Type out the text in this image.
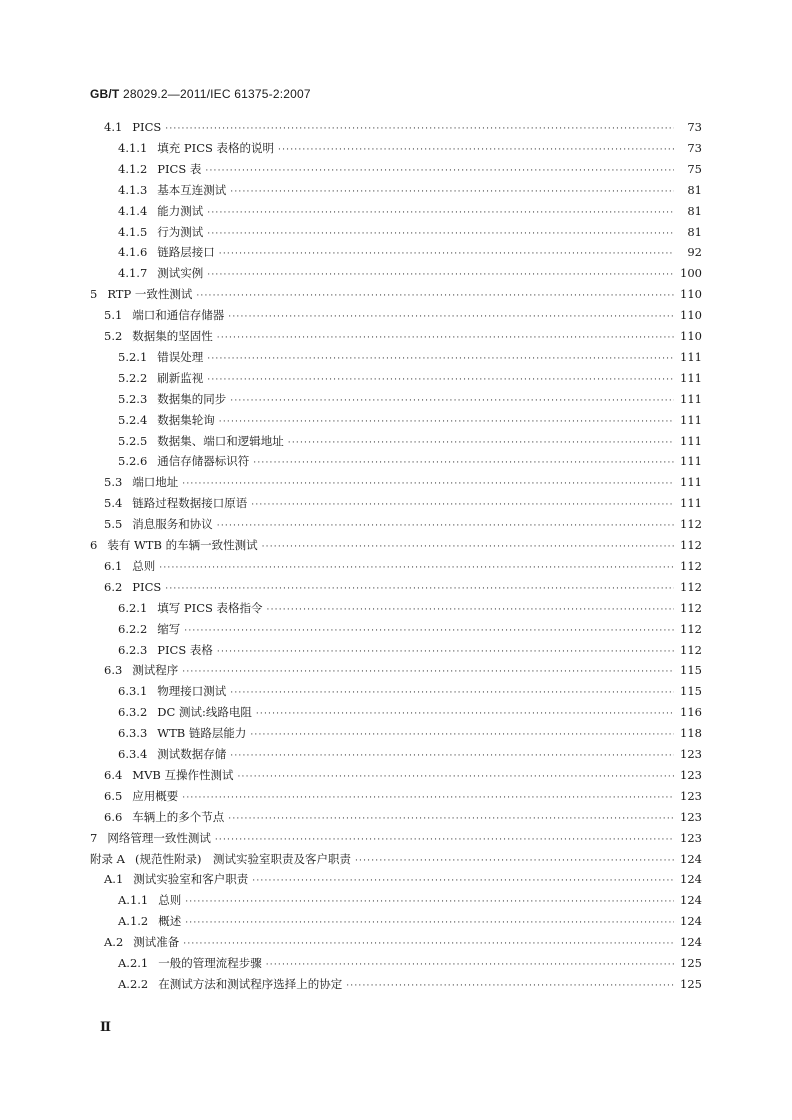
GB/T 28029.2—2011/IEC 61375-2:2007
4.1 PICS ·····	73
4.1.1 填充 PICS 表格的说明 ·····	73
4.1.2 PICS 表 ·····	75
4.1.3 基本互连测试 ·····	81
4.1.4 能力测试 ·····	81
4.1.5 行为测试 ·····	81
4.1.6 链路层接口 ·····	92
4.1.7 测试实例 ·····	100
5 RTP 一致性测试 ·····	110
5.1 端口和通信存储器 ·····	110
5.2 数据集的坚固性 ·····	110
5.2.1 错误处理 ·····	111
5.2.2 刷新监视 ·····	111
5.2.3 数据集的同步 ·····	111
5.2.4 数据集轮询 ·····	111
5.2.5 数据集、端口和逻辑地址 ·····	111
5.2.6 通信存储器标识符 ·····	111
5.3 端口地址 ·····	111
5.4 链路过程数据接口原语 ·····	111
5.5 消息服务和协议 ·····	112
6 装有 WTB 的车辆一致性测试 ·····	112
6.1 总则 ·····	112
6.2 PICS ·····	112
6.2.1 填写 PICS 表格指令 ·····	112
6.2.2 缩写 ·····	112
6.2.3 PICS 表格 ·····	112
6.3 测试程序 ·····	115
6.3.1 物理接口测试 ·····	115
6.3.2 DC 测试:线路电阻 ·····	116
6.3.3 WTB 链路层能力 ·····	118
6.3.4 测试数据存储 ·····	123
6.4 MVB 互操作性测试 ·····	123
6.5 应用概要 ·····	123
6.6 车辆上的多个节点 ·····	123
7 网络管理一致性测试 ·····	123
附录 A (规范性附录)　测试实验室职责及客户职责 ·····	124
A.1 测试实验室和客户职责 ·····	124
A.1.1 总则 ·····	124
A.1.2 概述 ·····	124
A.2 测试准备 ·····	124
A.2.1 一般的管理流程步骤 ·····	125
A.2.2 在测试方法和测试程序选择上的协定 ·····	125
Ⅱ
